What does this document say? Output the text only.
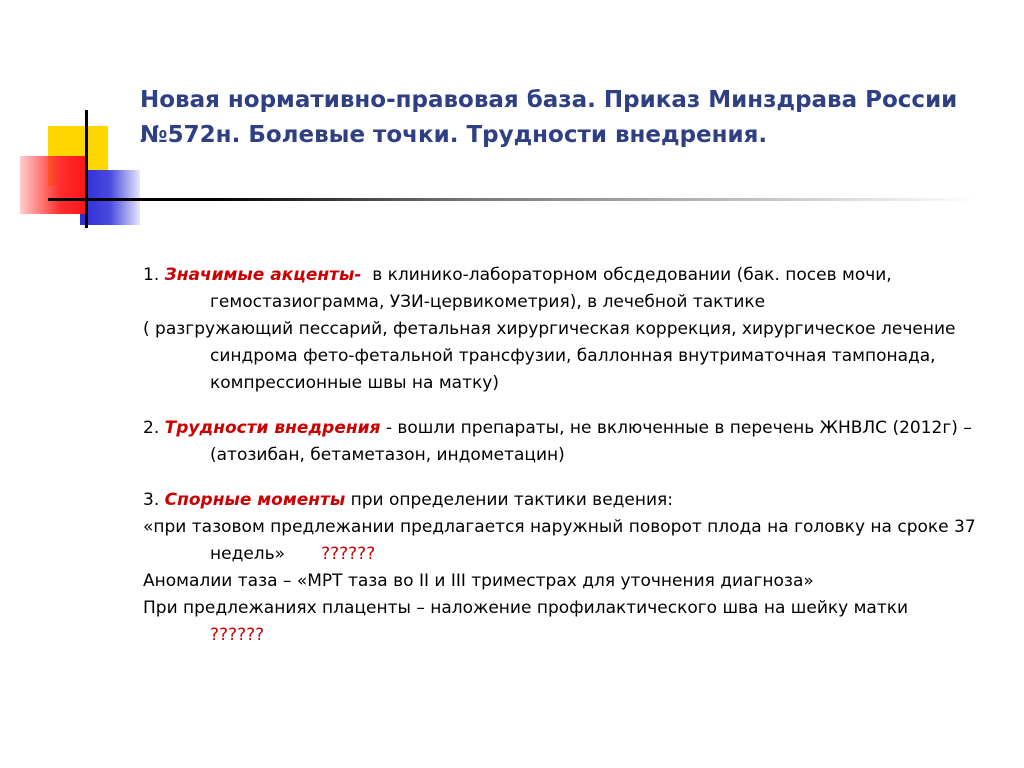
Новая нормативно-правовая база. Приказ Минздрава России №572н. Болевые точки. Трудности внедрения.

1. Значимые акценты-  в клинико-лабораторном обсдедовании (бак. посев мочи, гемостазиограмма, УЗИ-цервикометрия), в лечебной тактике

( разгружающий пессарий, фетальная хирургическая коррекция, хирургическое лечение синдрома фето-фетальной трансфузии, баллонная внутриматочная тампонада, компрессионные швы на матку)

2. Трудности внедрения - вошли препараты, не включенные в перечень ЖНВЛС (2012г) – (атозибан, бетаметазон, индометацин)

3. Спорные моменты при определении тактики ведения:

«при тазовом предлежании предлагается наружный поворот плода на головку на сроке 37 недель» ??????

Аномалии таза – «МРТ таза во II и III триместрах для уточнения диагноза»

При предлежаниях плаценты – наложение профилактического шва на шейку матки??????
